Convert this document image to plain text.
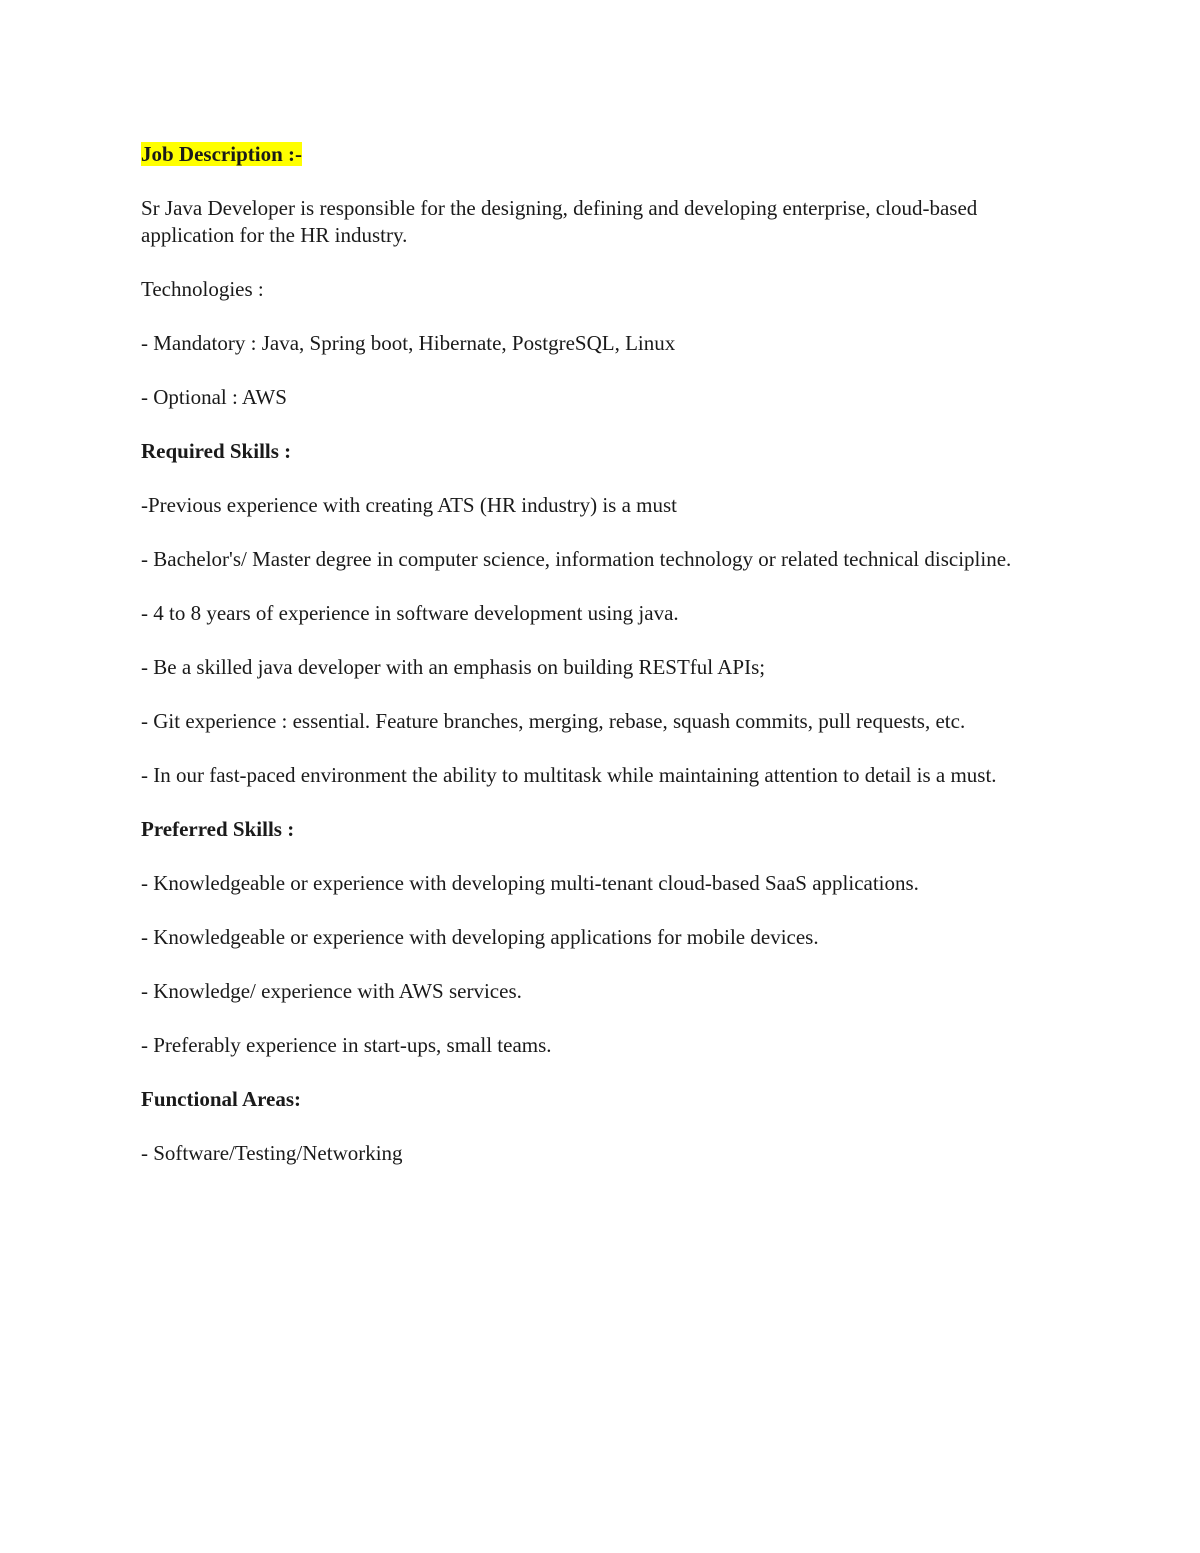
Job Description :-

Sr Java Developer is responsible for the designing, defining and developing enterprise, cloud-based application for the HR industry.

Technologies :

- Mandatory : Java, Spring boot, Hibernate, PostgreSQL, Linux

- Optional : AWS

Required Skills :

-Previous experience with creating ATS (HR industry) is a must

- Bachelor's/ Master degree in computer science, information technology or related technical discipline.

- 4 to 8 years of experience in software development using java.

- Be a skilled java developer with an emphasis on building RESTful APIs;

- Git experience : essential. Feature branches, merging, rebase, squash commits, pull requests, etc.

- In our fast-paced environment the ability to multitask while maintaining attention to detail is a must.

Preferred Skills :

- Knowledgeable or experience with developing multi-tenant cloud-based SaaS applications.

- Knowledgeable or experience with developing applications for mobile devices.

- Knowledge/ experience with AWS services.

- Preferably experience in start-ups, small teams.

Functional Areas:

- Software/Testing/Networking
